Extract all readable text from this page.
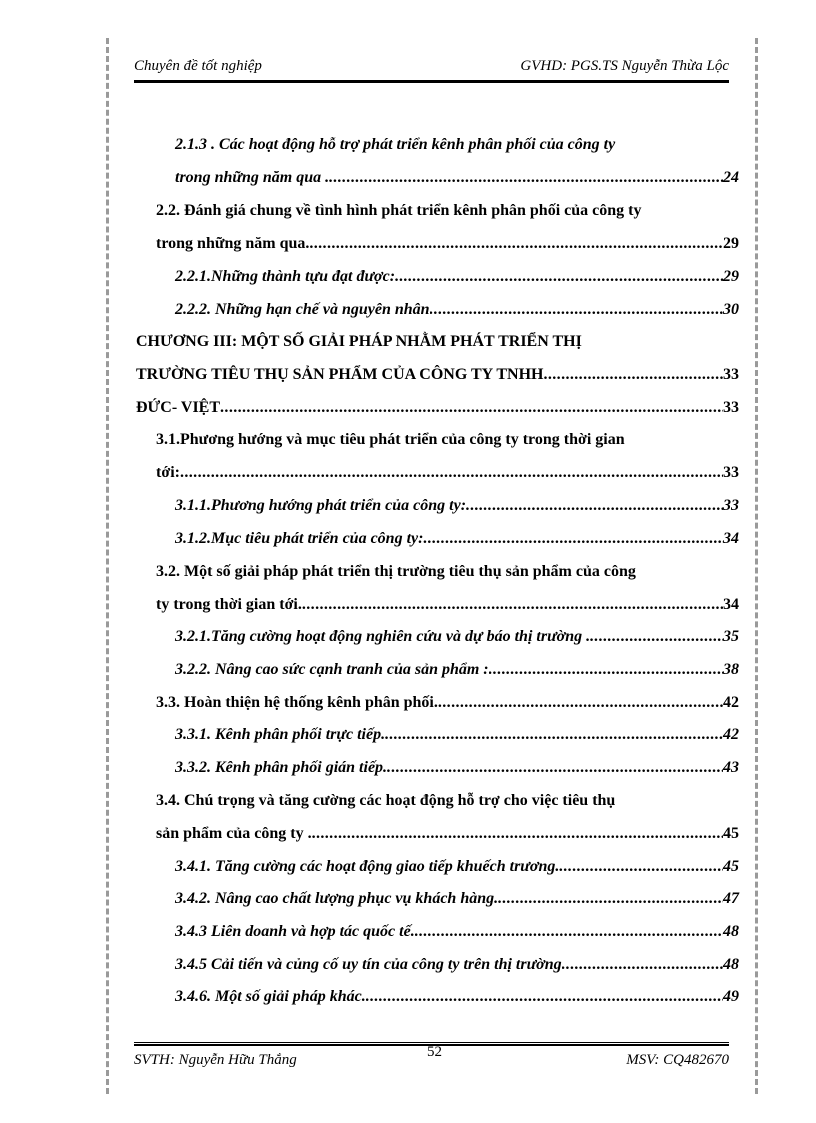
Chuyên đề tốt nghiệp	GVHD: PGS.TS Nguyễn Thừa Lộc
2.1.3 . Các hoạt động hỗ trợ phát triển kênh phân phối của công ty
trong những năm qua . .....	24
2.2. Đánh giá chung về tình hình phát triển kênh phân phối của công ty
trong những năm qua. .....	29
2.2.1.Những thành tựu đạt được: .....	29
2.2.2. Những hạn chế và nguyên nhân .....	30
CHƯƠNG III: MỘT SỐ GIẢI PHÁP NHẰM PHÁT TRIỂN THỊ
TRƯỜNG TIÊU THỤ SẢN PHẨM CỦA CÔNG TY TNHH .....	33
ĐỨC- VIỆT .....	33
3.1.Phương hướng và mục tiêu phát triển của công ty trong thời gian
tới: .....	33
3.1.1.Phương hướng phát triển của công ty: .....	33
3.1.2.Mục tiêu phát triển của công ty: .....	34
3.2. Một số giải pháp phát triển thị trường tiêu thụ sản phẩm của công
ty trong thời gian tới. .....	34
3.2.1.Tăng cường hoạt động nghiên cứu và dự báo thị trường . .....	35
3.2.2. Nâng cao sức cạnh tranh của sản phẩm : .....	38
3.3. Hoàn thiện hệ thống kênh phân phối. .....	42
3.3.1. Kênh phân phối trực tiếp. .....	42
3.3.2. Kênh phân phối gián tiếp. .....	43
3.4. Chú trọng và tăng cường các hoạt động hỗ trợ cho việc tiêu thụ
sản phẩm của công ty . .....	45
3.4.1. Tăng cường các hoạt động giao tiếp khuếch trương. .....	45
3.4.2. Nâng cao chất lượng phục vụ khách hàng. .....	47
3.4.3 Liên doanh và hợp tác quốc tế. .....	48
3.4.5 Cải tiến và củng cố uy tín của công ty trên thị trường .....	48
3.4.6. Một số giải pháp khác. .....	49
SVTH: Nguyễn Hữu Thắng	52	MSV: CQ482670
